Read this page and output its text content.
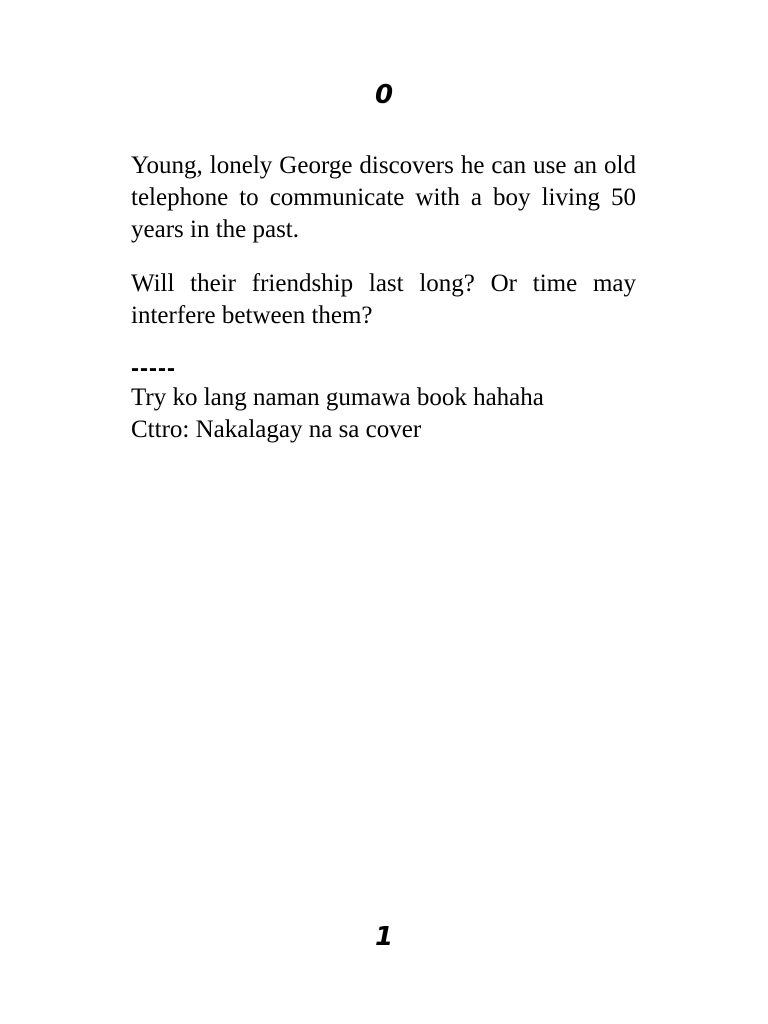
0

Young, lonely George discovers he can use an old telephone to communicate with a boy living 50 years in the past.

Will their friendship last long? Or time may interfere between them?

-----
Try ko lang naman gumawa book hahaha
Cttro: Nakalagay na sa cover
1
